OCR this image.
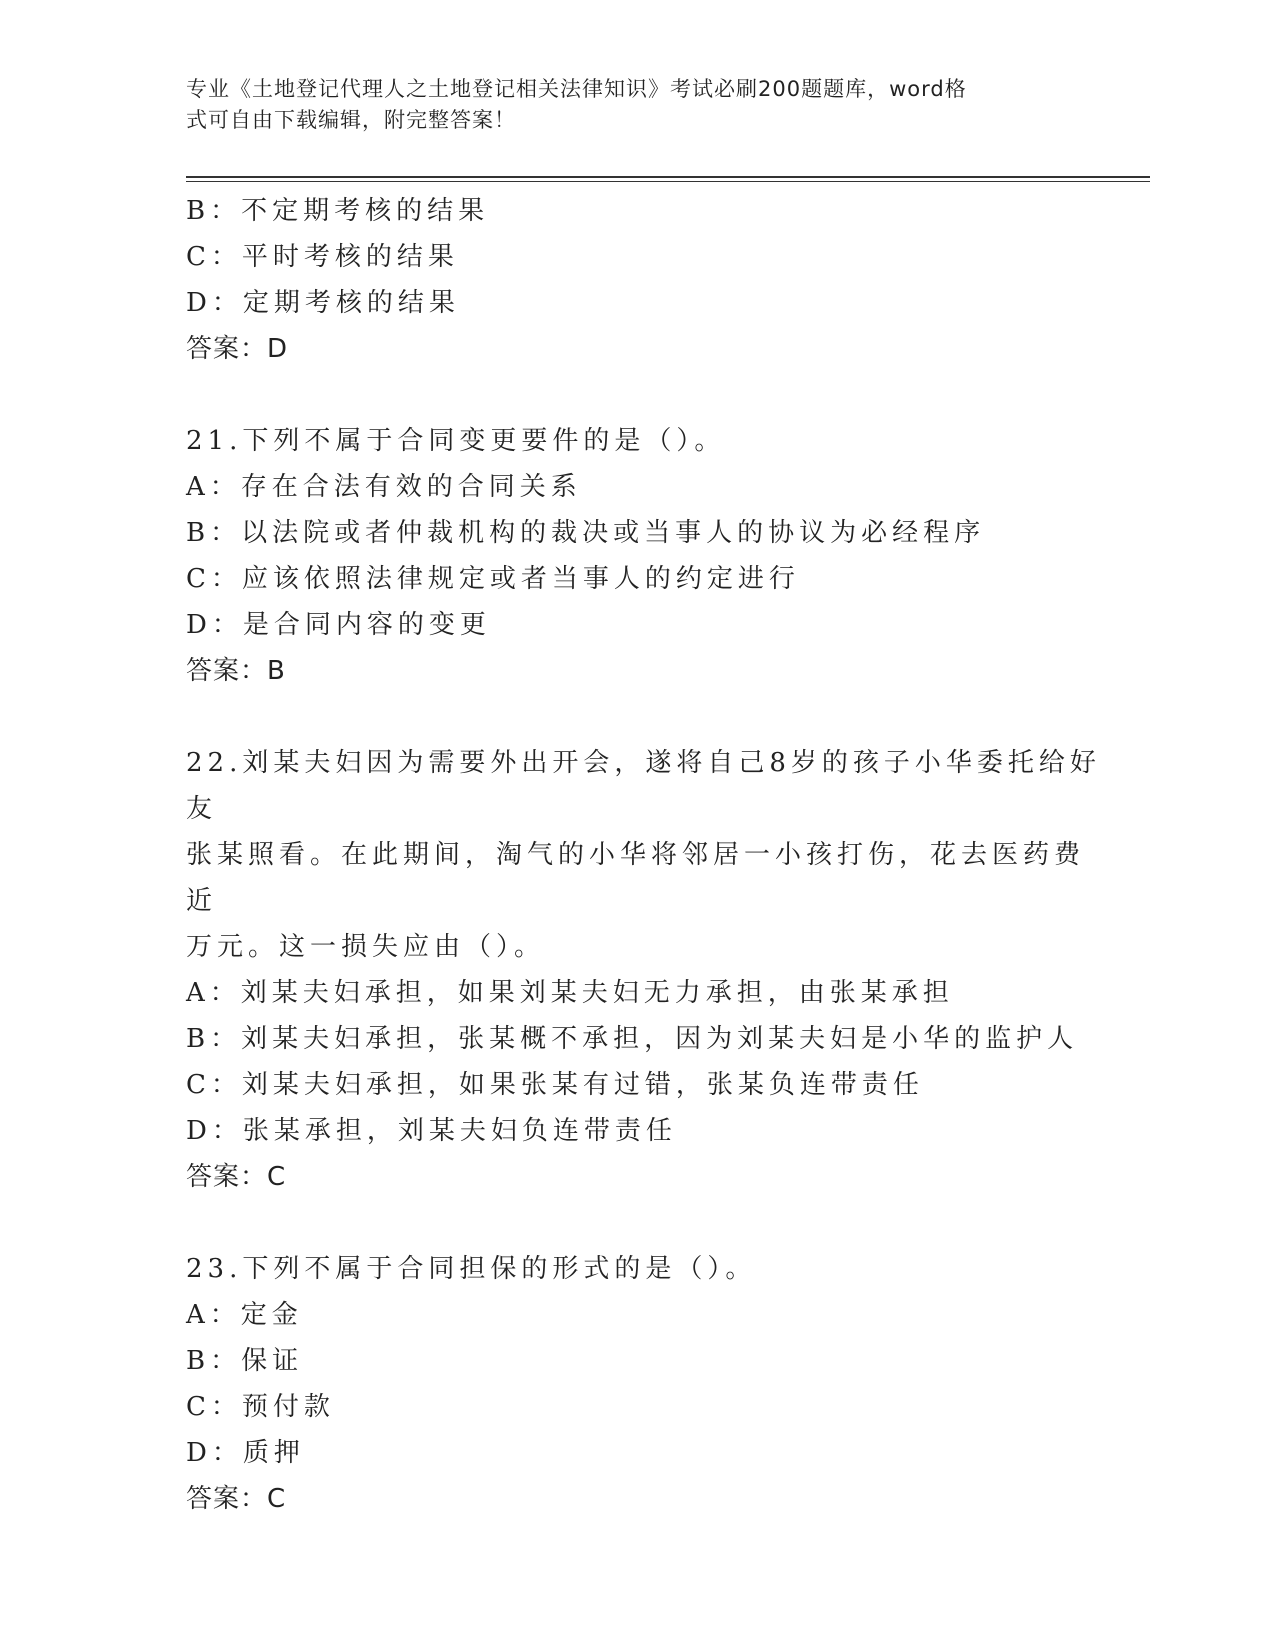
专业《土地登记代理人之土地登记相关法律知识》考试必刷200题题库，word格
式可自由下载编辑，附完整答案！
B：不定期考核的结果
C：平时考核的结果
D：定期考核的结果
答案：D
21.下列不属于合同变更要件的是（）。
A：存在合法有效的合同关系
B：以法院或者仲裁机构的裁决或当事人的协议为必经程序
C：应该依照法律规定或者当事人的约定进行
D：是合同内容的变更
答案：B
22.刘某夫妇因为需要外出开会，遂将自己8岁的孩子小华委托给好友
张某照看。在此期间，淘气的小华将邻居一小孩打伤，花去医药费近
万元。这一损失应由（）。
A：刘某夫妇承担，如果刘某夫妇无力承担，由张某承担
B：刘某夫妇承担，张某概不承担，因为刘某夫妇是小华的监护人
C：刘某夫妇承担，如果张某有过错，张某负连带责任
D：张某承担，刘某夫妇负连带责任
答案：C
23.下列不属于合同担保的形式的是（）。
A：定金
B：保证
C：预付款
D：质押
答案：C
